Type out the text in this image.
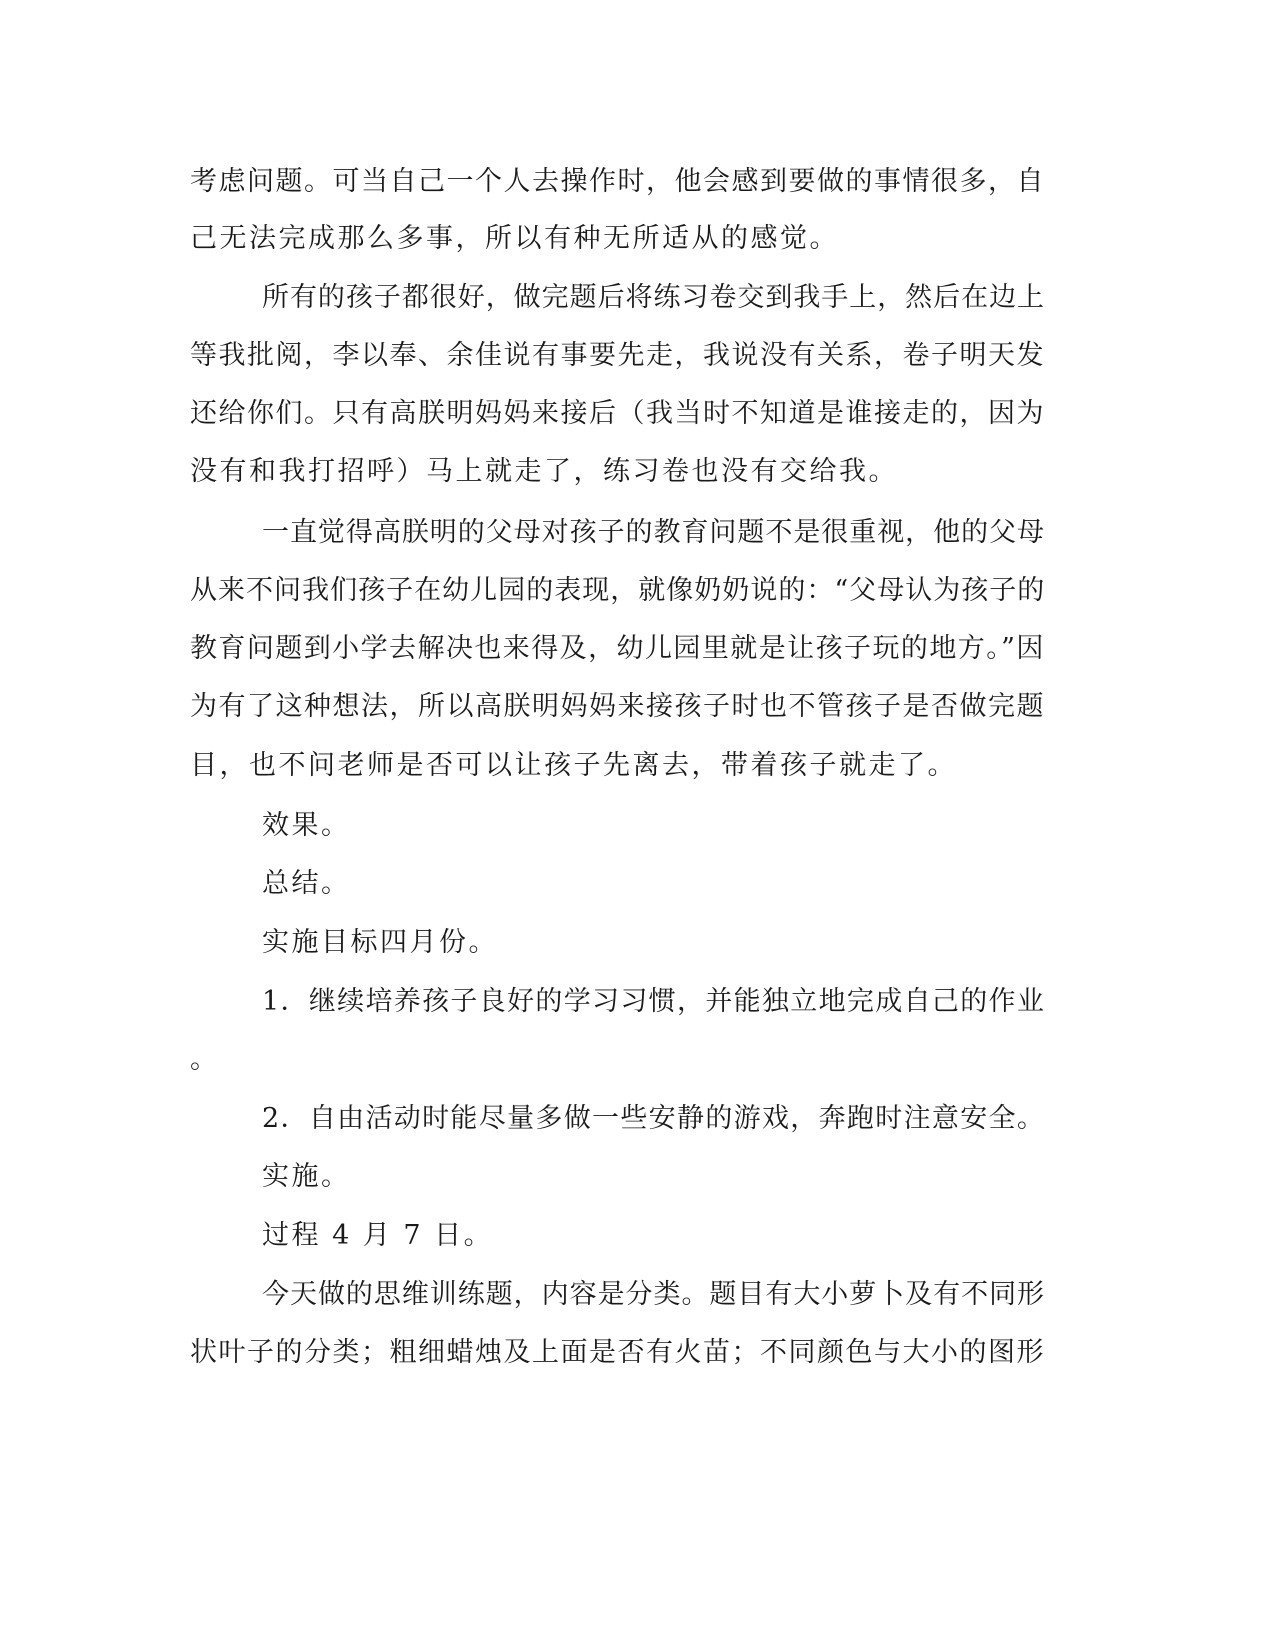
考虑问题。可当自己一个人去操作时，他会感到要做的事情很多，自
己无法完成那么多事，所以有种无所适从的感觉。
所有的孩子都很好，做完题后将练习卷交到我手上，然后在边上
等我批阅，李以奉、余佳说有事要先走，我说没有关系，卷子明天发
还给你们。只有高朕明妈妈来接后（我当时不知道是谁接走的，因为
没有和我打招呼）马上就走了，练习卷也没有交给我。
一直觉得高朕明的父母对孩子的教育问题不是很重视，他的父母
从来不问我们孩子在幼儿园的表现，就像奶奶说的：“父母认为孩子的
教育问题到小学去解决也来得及，幼儿园里就是让孩子玩的地方。”因
为有了这种想法，所以高朕明妈妈来接孩子时也不管孩子是否做完题
目，也不问老师是否可以让孩子先离去，带着孩子就走了。
效果。
总结。
实施目标四月份。
1．继续培养孩子良好的学习习惯，并能独立地完成自己的作业
。
2．自由活动时能尽量多做一些安静的游戏，奔跑时注意安全。
实施。
过程 4 月 7 日。
今天做的思维训练题，内容是分类。题目有大小萝卜及有不同形
状叶子的分类；粗细蜡烛及上面是否有火苗；不同颜色与大小的图形
